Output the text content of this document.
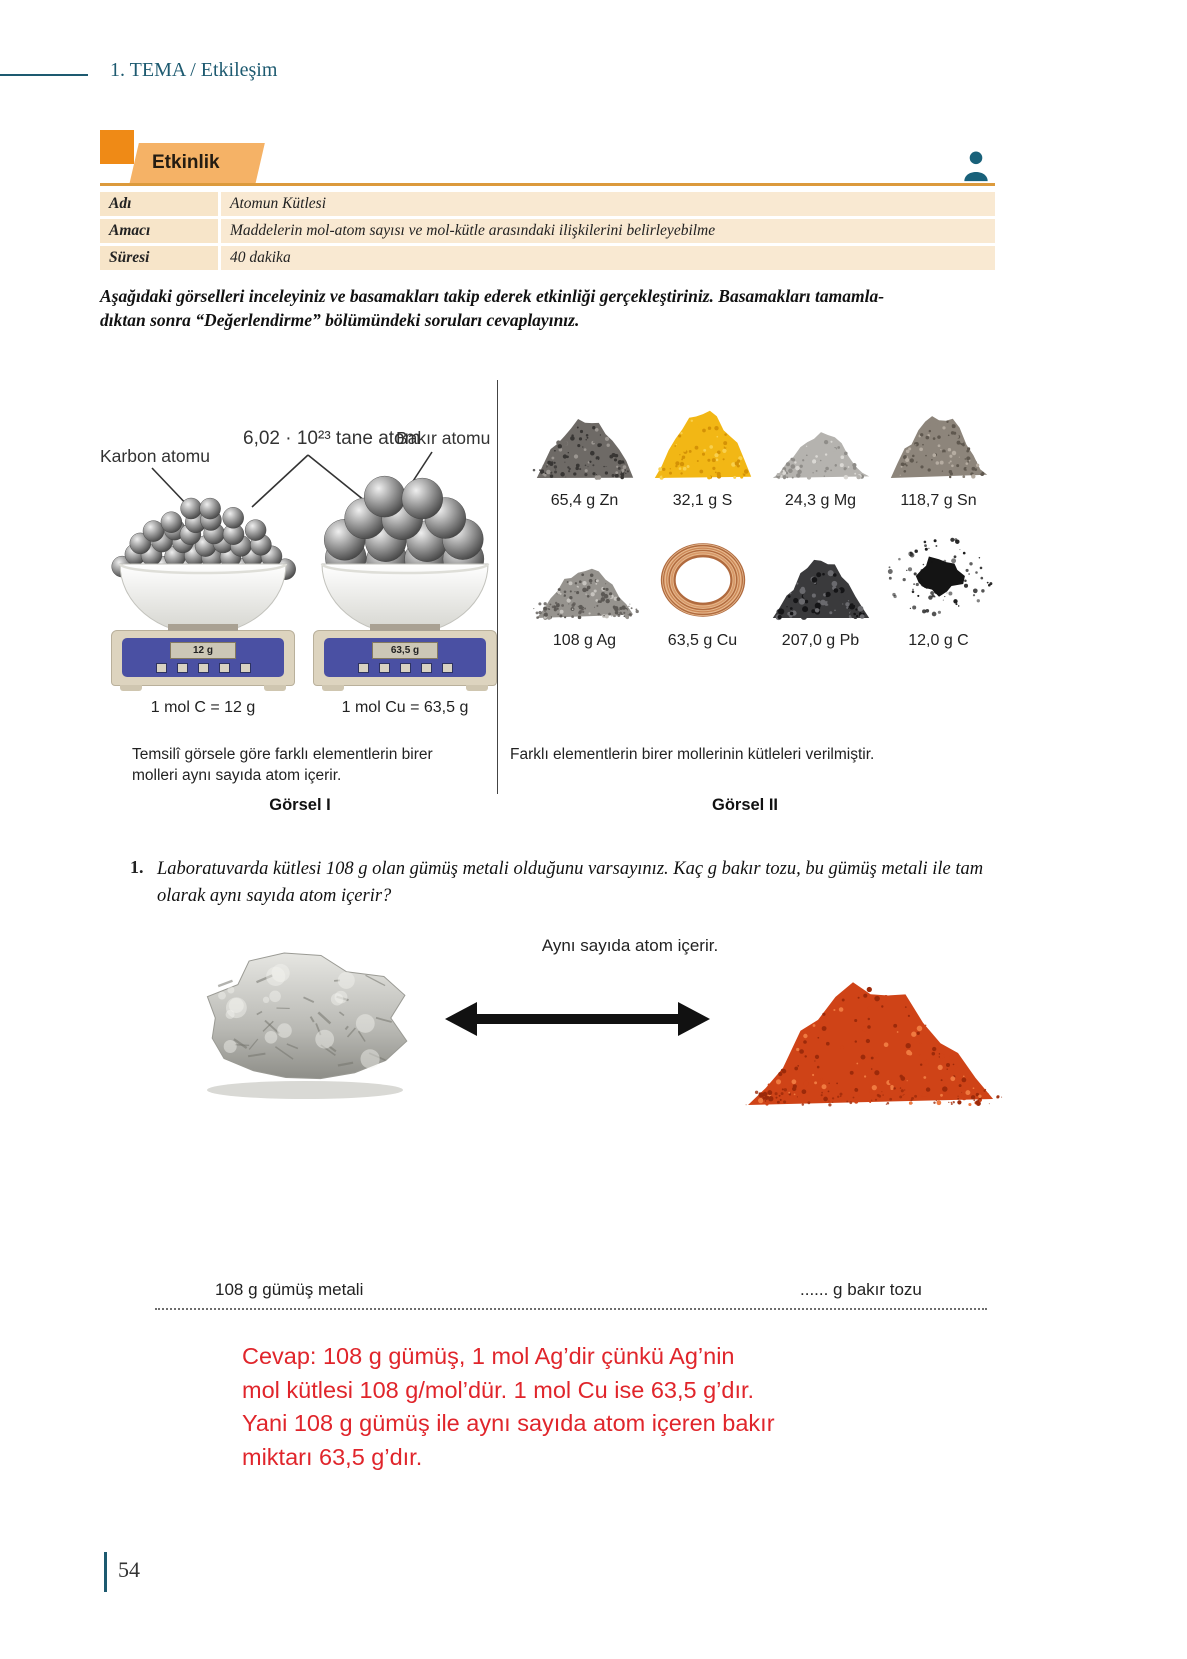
1. TEMA / Etkileşim
Etkinlik
Adı	Atomun Kütlesi
Amacı	Maddelerin mol-atom sayısı ve mol-kütle arasındaki ilişkilerini belirleyebilme
Süresi	40 dakika
Aşağıdaki görselleri inceleyiniz ve basamakları takip ederek etkinliği gerçekleştiriniz. Basamakları tamamla-
dıktan sonra “Değerlendirme” bölümündeki soruları cevaplayınız.
6,02 · 10²³ tane atom
Karbon atomu
Bakır atomu
12 g
1 mol C = 12 g
63,5 g
1 mol Cu = 63,5 g
Temsilî görsele göre farklı elementlerin birer molleri aynı sayıda atom içerir.
Görsel I
65,4 g Zn	32,1 g S	24,3 g Mg	118,7 g Sn
108 g Ag	63,5 g Cu	207,0 g Pb	12,0 g C
Farklı elementlerin birer mollerinin kütleleri verilmiştir.
Görsel II
1. Laboratuvarda kütlesi 108 g olan gümüş metali olduğunu varsayınız. Kaç g bakır tozu, bu gümüş metali ile tam olarak aynı sayıda atom içerir?
Aynı sayıda atom içerir.
108 g gümüş metali	...... g bakır tozu
Cevap: 108 g gümüş, 1 mol Ag’dir çünkü Ag’nin
mol kütlesi 108 g/mol’dür. 1 mol Cu ise 63,5 g’dır.
Yani 108 g gümüş ile aynı sayıda atom içeren bakır
miktarı 63,5 g’dır.
54
